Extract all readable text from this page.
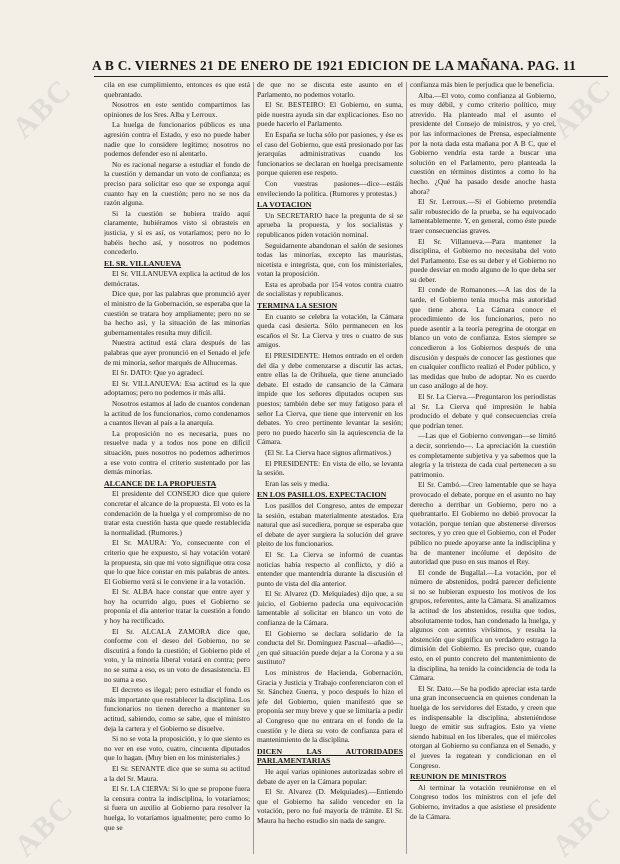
ABC	ABC
ABC	ABC
A B C. VIERNES 21 DE ENERO DE 1921 EDICION DE LA MAÑANA. PAG. 11

cila en ese cumplimiento, entonces es que está quebrantado.

Nosotros en este sentido compartimos las opiniones de los Sres. Alba y Lerroux.

La huelga de funcionarios públicos es una agresión contra el Estado, y eso no puede haber nadie que lo considere legítimo; nosotros no podemos defender eso ni alentarlo.

No es racional negarse a estudiar el fondo de la cuestión y demandar un voto de confianza; es preciso para solicitar eso que se exponga aquí cuanto hay en la cuestión; pero no se nos da razón alguna.

Si la cuestión se hubiera traído aquí claramente, hubiéramos visto si obrasteis en justicia, y si es así, os votaríamos; pero no lo habéis hecho así, y nosotros no podemos concederlo.

EL SR. VILLANUEVA

El Sr. VILLANUEVA explica la actitud de los demócratas.

Dice que, por las palabras que pronunció ayer el ministro de la Gobernación, se esperaba que la cuestión se tratara hoy ampliamente; pero no se ha hecho así, y la situación de las minorías gubernamentales resulta muy difícil.

Nuestra actitud está clara después de las palabras que ayer pronunció en el Senado el jefe de mi minoría, señor marqués de Alhucemas.

El Sr. DATO: Que yo agradecí.

El Sr. VILLANUEVA: Esa actitud es la que adoptamos; pero no podemos ir más allá.

Nosotros estamos al lado de cuantos condenan la actitud de los funcionarios, como condenamos a cuantos llevan al país a la anarquía.

La proposición no es necesaria, pues no resuelve nada y a todos nos pone en difícil situación, pues nosotros no podemos adherirnos a ese voto contra el criterio sustentado por las demás minorías.

ALCANCE DE LA PROPUESTA

El presidente del CONSEJO dice que quiere concretar el alcance de la propuesta. El voto es la condenación de la huelga y el compromiso de no tratar esta cuestión hasta que quede restablecida la normalidad. (Rumores.)

El Sr. MAURA: Yo, consecuente con el criterio que he expuesto, si hay votación votaré la propuesta, sin que mi voto signifique otra cosa que lo que hice constar en mis palabras de antes. El Gobierno verá si le conviene ir a la votación.

El Sr. ALBA hace constar que entre ayer y hoy ha ocurrido algo, pues el Gobierno se proponía el día anterior tratar la cuestión a fondo y hoy ha rectificado.

El Sr. ALCALA ZAMORA dice que, conforme con el deseo del Gobierno, no se discutirá a fondo la cuestión; el Gobierno pide el voto, y la minoría liberal votará en contra; pero no se suma a eso, es un voto de desasistencia. El no suma a eso.

El decreto es ilegal; pero estudiar el fondo es más importante que restablecer la disciplina. Los funcionarios no tienen derecho a mantener su actitud, sabiendo, como se sabe, que el ministro deja la cartera y el Gobierno se disuelve.

Si no se vota la proposición, y lo que siento es no ver en ese voto, cuatro, cincuenta diputados que lo hagan. (Muy bien en los ministeriales.)

El Sr. SENANTE dice que se suma su actitud a la del Sr. Maura.

El Sr. LA CIERVA: Si lo que se propone fuera la censura contra la indisciplina, lo votaríamos; si fuera un auxilio al Gobierno para resolver la huelga, lo votaríamos igualmente; pero como lo que se

de que no se discuta este asunto en el Parlamento, no podemos votarlo.

El Sr. BESTEIRO: El Gobierno, en suma, pide nuestra ayuda sin dar explicaciones. Eso no puede hacerlo el Parlamento.

En España se lucha sólo por pasiones, y ése es el caso del Gobierno, que está presionado por las jerarquías administrativas cuando los funcionarios se declaran en huelga precisamente porque quieren ese respeto.

Con vuestras pasiones—dice—estáis envileciendo la política. (Rumores y protestas.)

LA VOTACION

Un SECRETARIO hace la pregunta de si se aprueba la propuesta, y los socialistas y republicanos piden votación nominal.

Seguidamente abandonan el salón de sesiones todas las minorías, excepto las mauristas, nicetista e integrista, que, con los ministeriales, votan la proposición.

Esta es aprobada por 154 votos contra cuatro de socialistas y republicanos.

TERMINA LA SESION

En cuanto se celebra la votación, la Cámara queda casi desierta. Sólo permanecen en los escaños el Sr. La Cierva y tres o cuatro de sus amigos.

El PRESIDENTE: Hemos entrado en el orden del día y debe comenzarse a discutir las actas, entre ellas la de Orihuela, que tiene anunciado debate. El estado de cansancio de la Cámara impide que los señores diputados ocupen sus puestos; también debe ser muy fatigoso para el señor La Cierva, que tiene que intervenir en los debates. Yo creo pertinente levantar la sesión; pero no puedo hacerlo sin la aquiescencia de la Cámara.

(El Sr. La Cierva hace signos afirmativos.)

El PRESIDENTE: En vista de ello, se levanta la sesión.

Eran las seis y media.

EN LOS PASILLOS. EXPECTACION

Los pasillos del Congreso, antes de empezar la sesión, estaban materialmente atestados. Era natural que así sucediera, porque se esperaba que el debate de ayer surgiera la solución del grave pleito de los funcionarios.

El Sr. La Cierva se informó de cuantas noticias había respecto al conflicto, y dió a entender que mantendría durante la discusión el punto de vista del día anterior.

El Sr. Alvarez (D. Melquíades) dijo que, a su juicio, el Gobierno padecía una equivocación lamentable al solicitar en blanco un voto de confianza de la Cámara.

El Gobierno se declara solidario de la conducta del Sr. Domínguez Pascual—añadió—, ¿en qué situación puede dejar a la Corona y a su sustituto?

Los ministros de Hacienda, Gobernación, Gracia y Justicia y Trabajo conferenciaron con el Sr. Sánchez Guerra, y poco después lo hizo el jefe del Gobierno, quien manifestó que se proponía ser muy breve y que se limitaría a pedir al Congreso que no entrara en el fondo de la cuestión y le diera su voto de confianza para el mantenimiento de la disciplina.

DICEN LAS AUTORIDADES PARLAMENTARIAS

He aquí varias opiniones autorizadas sobre el debate de ayer en la Cámara popular:

El Sr. Alvarez (D. Melquíades).—Entiendo que el Gobierno ha salido vencedor en la votación, pero no fué mayoría de trámite. El Sr. Maura ha hecho estudio sin nada de sangre.

confianza más bien le perjudica que le beneficia.

Alba.—El voto, como confianza al Gobierno, es muy débil, y como criterio político, muy atrevido. Ha planteado mal el asunto el presidente del Consejo de ministros, y yo creí, por las informaciones de Prensa, especialmente por la nota dada esta mañana por A B C, que el Gobierno vendría esta tarde a buscar una solución en el Parlamento, pero planteada la cuestión en términos distintos a como lo ha hecho. ¿Qué ha pasado desde anoche hasta ahora?

El Sr. Lerroux.—Si el Gobierno pretendía salir robustecido de la prueba, se ha equivocado lamentablemente. Y, en general, como éste puede traer consecuencias graves.

El Sr. Villanueva.—Para mantener la disciplina, el Gobierno no necesitaba del voto del Parlamento. Ese es su deber y el Gobierno no puede desviar en modo alguno de lo que deba ser su deber.

El conde de Romanones.—A las dos de la tarde, el Gobierno tenía mucha más autoridad que tiene ahora. La Cámara conoce el procedimiento de los funcionarios, pero no puede asentir a la teoría peregrina de otorgar en blanco un voto de confianza. Estos siempre se concedieron a los Gobiernos después de una discusión y después de conocer las gestiones que en cualquier conflicto realizó el Poder público, y las medidas que hubo de adoptar. No es cuerdo un caso análogo al de hoy.

El Sr. La Cierva.—Preguntaron los periodistas al Sr. La Cierva qué impresión le había producido el debate y qué consecuencias creía que podrían tener.

—Las que el Gobierno convengan—se limitó a decir, sonriendo—. La apreciación la cuestión es completamente subjetiva y ya sabemos que la alegría y la tristeza de cada cual pertenecen a su patrimonio.

El Sr. Cambó.—Creo lamentable que se haya provocado el debate, porque en el asunto no hay derecho a derribar un Gobierno, pero no a quebrantarlo. El Gobierno no debió provocar la votación, porque tenían que abstenerse diversos sectores, y yo creo que el Gobierno, con el Poder público no puede apoyarse ante la indisciplina y ha de mantener incólume el depósito de autoridad que puso en sus manos el Rey.

El conde de Bugallal.—La votación, por el número de abstenidos, podrá parecer deficiente si no se hubieran expuesto los motivos de los grupos, referentes, ante la Cámara. Si analizamos la actitud de los abstenidos, resulta que todos, absolutamente todos, han condenado la huelga, y algunos con acentos vivísimos, y resulta la abstención que significa un verdadero estrago la dimisión del Gobierno. Es preciso que, cuando esto, en el punto concreto del mantenimiento de la disciplina, ha tenido la coincidencia de toda la Cámara.

El Sr. Dato.—Se ha podido apreciar esta tarde una gran inconsecuencia en quienes condenan la huelga de los servidores del Estado, y creen que es indispensable la disciplina, absteniéndose luego de emitir sus sufragios. Esto ya viene siendo habitual en los liberales, que el miércoles otorgan al Gobierno su confianza en el Senado, y el jueves la regatean y condicionan en el Congreso.

REUNION DE MINISTROS

Al terminar la votación reuniéronse en el Congreso todos los ministros con el jefe del Gobierno, invitados a que asistiese el presidente de la Cámara.
